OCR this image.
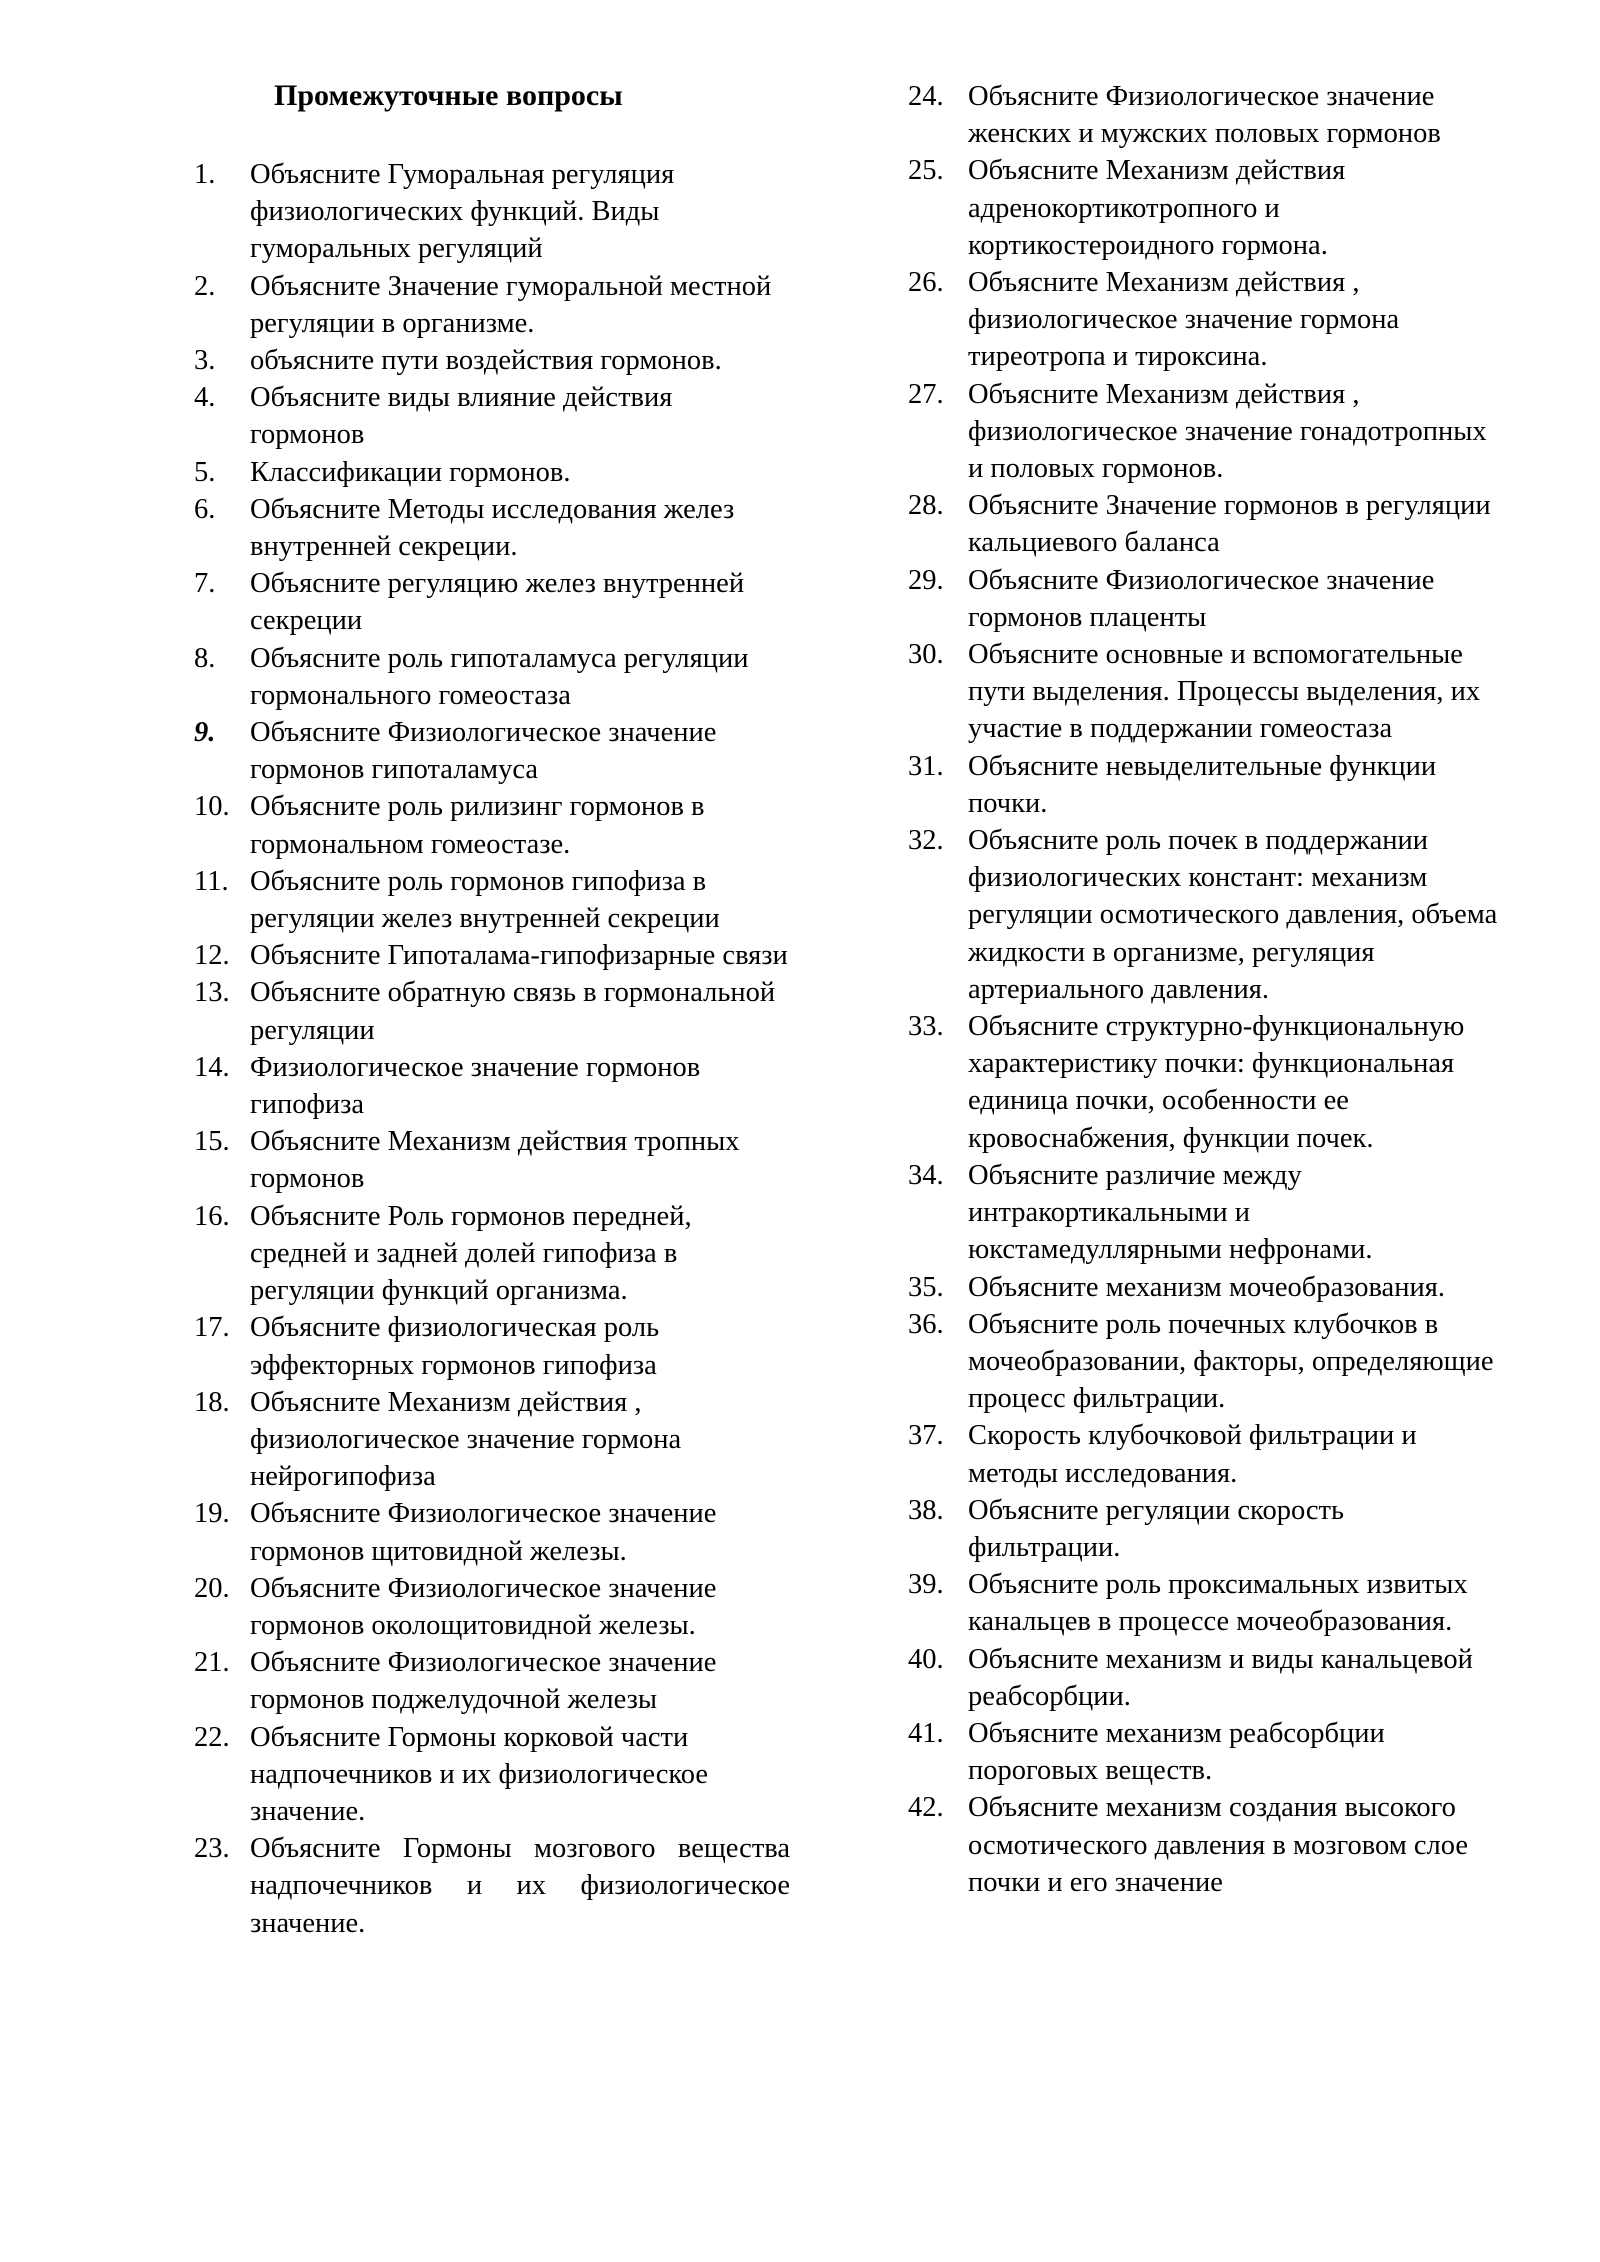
Промежуточные вопросы
1.	Объясните Гуморальная регуляция физиологических функций. Виды гуморальных регуляций
2.	Объясните Значение гуморальной местной регуляции в организме.
3.	объясните пути воздействия гормонов.
4.	Объясните виды влияние действия гормонов
5.	Классификации гормонов.
6.	Объясните Методы исследования желез внутренней секреции.
7.	Объясните регуляцию желез внутренней секреции
8.	Объясните роль гипоталамуса регуляции гормонального гомеостаза
9.	Объясните Физиологическое значение гормонов гипоталамуса
10. Объясните роль рилизинг гормонов в гормональном гомеостазе.
11. Объясните роль гормонов гипофиза в регуляции желез внутренней секреции
12. Объясните Гипоталама-гипофизарные связи
13. Объясните обратную связь в гормональной регуляции
14. Физиологическое значение гормонов гипофиза
15. Объясните Механизм действия тропных гормонов
16. Объясните Роль гормонов передней, средней и задней долей гипофиза в регуляции функций организма.
17. Объясните физиологическая роль эффекторных гормонов гипофиза
18. Объясните Механизм действия , физиологическое значение гормона нейрогипофиза
19. Объясните Физиологическое значение гормонов щитовидной железы.
20. Объясните Физиологическое значение гормонов околощитовидной железы.
21. Объясните Физиологическое значение гормонов поджелудочной железы
22. Объясните Гормоны корковой части надпочечников и их физиологическое значение.
23. Объясните Гормоны мозгового вещества надпочечников и их физиологическое значение.
24. Объясните Физиологическое значение женских и мужских половых гормонов
25. Объясните Механизм действия адренокортикотропного и кортикостероидного гормона.
26. Объясните Механизм действия , физиологическое значение гормона тиреотропа и тироксина.
27. Объясните Механизм действия , физиологическое значение гонадотропных и половых гормонов.
28. Объясните Значение гормонов в регуляции кальциевого баланса
29. Объясните Физиологическое значение гормонов плаценты
30. Объясните основные и вспомогательные пути выделения. Процессы выделения, их участие в поддержании гомеостаза
31. Объясните невыделительные функции почки.
32. Объясните роль почек в поддержании физиологических констант: механизм регуляции осмотического давления, объема жидкости в организме, регуляция артериального давления.
33. Объясните структурно-функциональную характеристику почки: функциональная единица почки, особенности ее кровоснабжения, функции почек.
34. Объясните различие между интракортикальными и юкстамедуллярными нефронами.
35. Объясните механизм мочеобразования.
36. Объясните роль почечных клубочков в мочеобразовании, факторы, определяющие процесс фильтрации.
37. Скорость клубочковой фильтрации и методы исследования.
38. Объясните регуляции скорость фильтрации.
39. Объясните роль проксимальных извитых канальцев в процессе мочеобразования.
40. Объясните механизм и виды канальцевой реабсорбции.
41. Объясните механизм реабсорбции пороговых веществ.
42. Объясните механизм создания высокого осмотического давления в мозговом слое почки и его значение
